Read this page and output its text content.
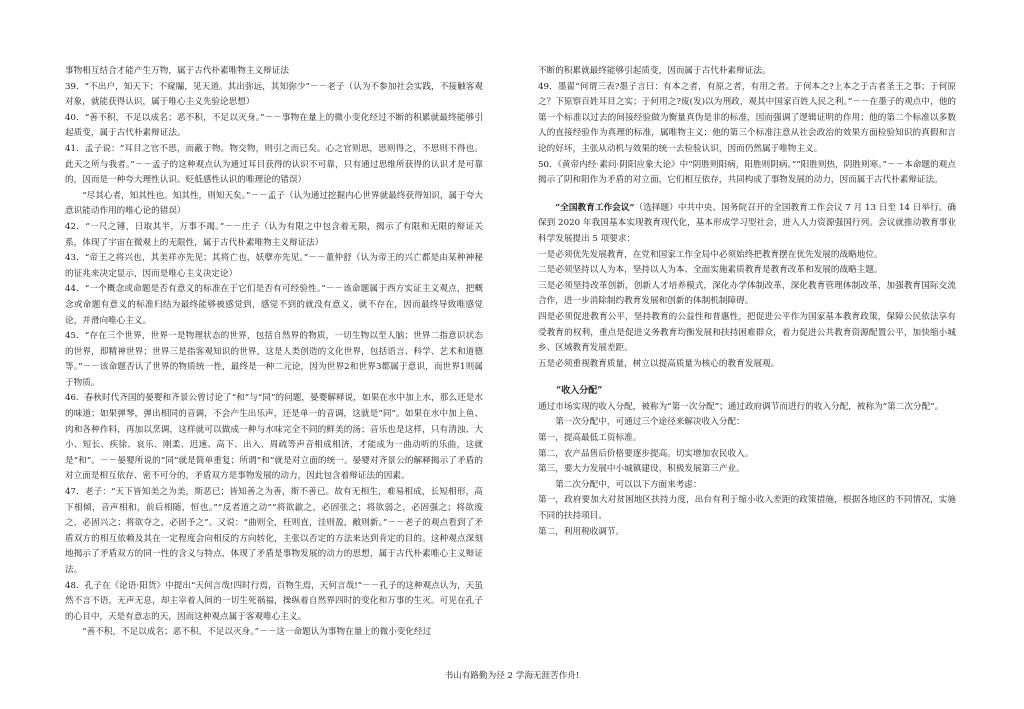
事物相互结合才能产生万物，属于古代朴素唯物主义辩证法

39．“不出户，知天下；不窥牖，见天道。其出弥远，其知弥少”－－老子（认为不参加社会实践，不接触客观对象，就能获得认识，属于唯心主义先验论思想）

40．“善不积，不足以成名；恶不积，不足以灭身。”－－事物在量上的微小变化经过不断的积累就最终能够引起质变，属于古代朴素辩证法。

41．孟子说：“耳目之官不思，而蔽于物。物交物，则引之而已矣。心之官则思，思则得之，不思则不得也。此天之所与我者。”－－孟子的这种观点认为通过耳目获得的认识不可靠，只有通过思维所获得的认识才是可靠的，因而是一种夸大理性认识、贬低感性认识的唯理论的错误）

“尽其心者，知其性也。知其性，则知天矣。”－－孟子（认为通过挖掘内心世界就最终获得知识，属于夸大意识能动作用的唯心论的错误）

42．“一尺之锤，日取其半，万事不竭。”－－庄子（认为有限之中包含着无限，揭示了有限和无限的辩证关系，体现了宇宙在微观上的无限性，属于古代朴素唯物主义辩证法）

43．“帝王之将兴也，其美祥亦先见；其将亡也，妖孽亦先见。”－－董仲舒（认为帝王的兴亡都是由某种神秘的征兆来决定显示，因而是唯心主义决定论）

44．“一个概念或命题是否有意义的标准在于它们是否有可经验性。”－－该命题属于西方实证主义观点，把概念或命题有意义的标准归结为最终能够被感觉到，感觉不到的就没有意义，就不存在，因而最终导致唯感觉论，并滑向唯心主义。

45．“存在三个世界，世界一是物理状态的世界，包括自然界的物质，一切生物以至人脑；世界二指意识状态的世界，即精神世界；世界三是指客观知识的世界，这是人类创造的文化世界，包括语言、科学、艺术和道德等。”－－该命题否认了世界的物质统一性，最终是一种二元论，因为世界2和世界3都属于意识，而世界1则属于物质。

46．春秋时代齐国的晏婴和齐景公曾讨论了“和”与“同”的问题，晏婴解释说，如果在水中加上水，那么还是水的味道；如果弹琴，弹出相同的音调，不会产生出乐声，还是单一的音调，这就是“同”。如果在水中加上鱼、肉和各种作料，再加以烹调，这样就可以做成一种与水味完全不同的鲜美的汤；音乐也是这样，只有清浊、大小、短长、疾徐、哀乐、刚柔、迟速、高下、出入、周疏等声音相成相济，才能成为一曲动听的乐曲，这就是“和”。－－晏婴所说的“同”就是简单重复；所谓“和”就是对立面的统一。晏婴对齐景公的解释揭示了矛盾的对立面是相互依存、密不可分的，矛盾双方是事物发展的动力，因此包含着辩证法的因素。

47．老子：“天下皆知美之为美，斯恶已；皆知善之为善，斯不善已。故有无相生，难易相成，长短相形，高下相倾，音声相和，前后相随，恒也。”“反者道之动”“将欲歙之，必固张之；将欲弱之，必固强之；将欲废之，必固兴之；将欲夺之，必固予之”。又说：“曲则全，枉则直，洼则盈，敝则新。”－－老子的观点看到了矛盾双方的相互依赖及其在一定程度会向相反的方向转化，主张以否定的方法来达到肯定的目的。这种观点深刻地揭示了矛盾双方的同一性的含义与特点，体现了矛盾是事物发展的动力的思想，属于古代朴素唯心主义辩证法。

48．孔子在《论语·阳货》中提出“天何言哉!四时行焉，百物生焉，天何言哉!”－－孔子的这种观点认为，天虽然不言不语，无声无息，却主宰着人间的一切生死祸福，操纵着自然界四时的变化和万事的生灭。可见在孔子的心目中，天是有意志的天，因而这种观点属于客观唯心主义。

“善不积，不足以成名；恶不积，不足以灭身。”－－这一命题认为事物在量上的微小变化经过

不断的积累就最终能够引起质变，因而属于古代朴素辩证法。

49．墨翟“何谓三表?墨子言曰：有本之者，有原之者，有用之者。于何本之?上本之于古者圣王之事；于何原之？下原察百姓耳目之实；于何用之?废(发)以为刑政，观其中国家百姓人民之利。”－－在墨子的观点中，他的第一个标准以过去的间接经验做为衡量真伪是非的标准，因而强调了逻辑证明的作用；他的第二个标准以多数人的直接经验作为真理的标准，属唯物主义；他的第三个标准注意从社会政治的效果方面检验知识的真假和言论的好坏，主张从动机与效果的统一去检验认识，因而仍然属于唯物主义。

50．《黄帝内经·素问·阴阳应象大论》中“阴胜则阳病，阳胜则阴病。”“阳胜则热，阴胜则寒。”－－本命题的观点揭示了阴和阳作为矛盾的对立面，它们相互依存，共同构成了事物发展的动力，因而属于古代朴素辩证法。

“全国教育工作会议”（选择题）中共中央、国务院召开的全国教育工作会议 7 月 13 日至 14 日举行。确保到 2020 年我国基本实现教育现代化，基本形成学习型社会，进入人力资源强国行列。会议就推动教育事业科学发展提出 5 项要求：

一是必须优先发展教育，在党和国家工作全局中必须始终把教育摆在优先发展的战略地位。

二是必须坚持以人为本，坚持以人为本、全面实施素质教育是教育改革和发展的战略主题。

三是必须坚持改革创新，创新人才培养模式，深化办学体制改革，深化教育管理体制改革，加强教育国际交流合作，进一步消除制约教育发展和创新的体制机制障碍。

四是必须促进教育公平，坚持教育的公益性和普惠性，把促进公平作为国家基本教育政策，保障公民依法享有受教育的权利，重点是促进义务教育均衡发展和扶持困难群众，着力促进公共教育资源配置公平，加快缩小城乡、区域教育发展差距。

五是必须重视教育质量，树立以提高质量为核心的教育发展观。

“收入分配”

通过市场实现的收入分配，被称为“第一次分配”；通过政府调节而进行的收入分配，被称为“第二次分配”。

第一次分配中，可通过三个途径来解决收入分配：

第一，提高最低工资标准。

第二，农产品售后价格要逐步提高。切实增加农民收入。

第三，要大力发展中小城镇建设，积极发展第三产业。

第二次分配中，可以以下方面来考虑：

第一，政府要加大对贫困地区扶持力度，出台有利于缩小收入差距的政策措施，根据各地区的不同情况，实施不同的扶持项目。

第二，利用税收调节。

书山有路勤为径 2 学海无涯苦作舟!
